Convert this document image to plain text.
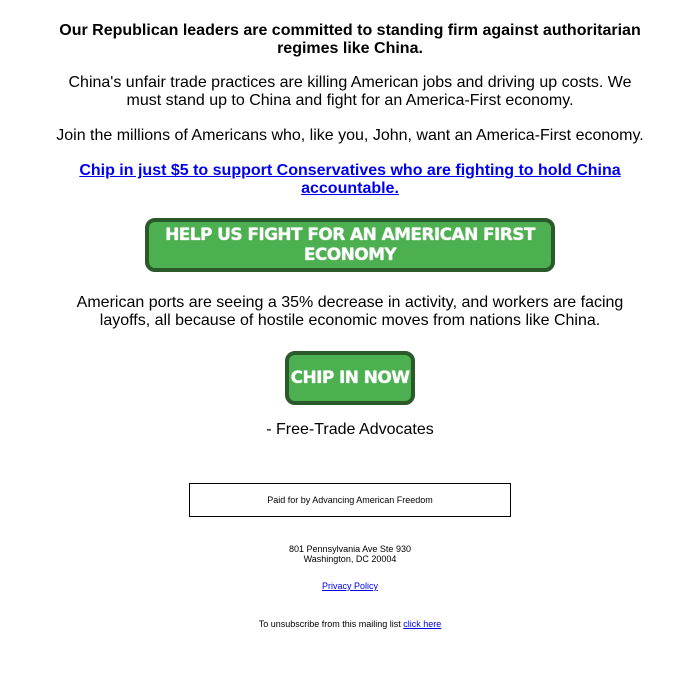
Our Republican leaders are committed to standing firm against authoritarian regimes like China.

China's unfair trade practices are killing American jobs and driving up costs. We must stand up to China and fight for an America-First economy.

Join the millions of Americans who, like you, John, want an America-First economy.

Chip in just $5 to support Conservatives who are fighting to hold China accountable.
HELP US FIGHT FOR AN AMERICAN FIRST ECONOMY

American ports are seeing a 35% decrease in activity, and workers are facing layoffs, all because of hostile economic moves from nations like China.

CHIP IN NOW

- Free-Trade Advocates

Paid for by Advancing American Freedom
801 Pennsylvania Ave Ste 930
Washington, DC 20004
Privacy Policy
To unsubscribe from this mailing list click here
